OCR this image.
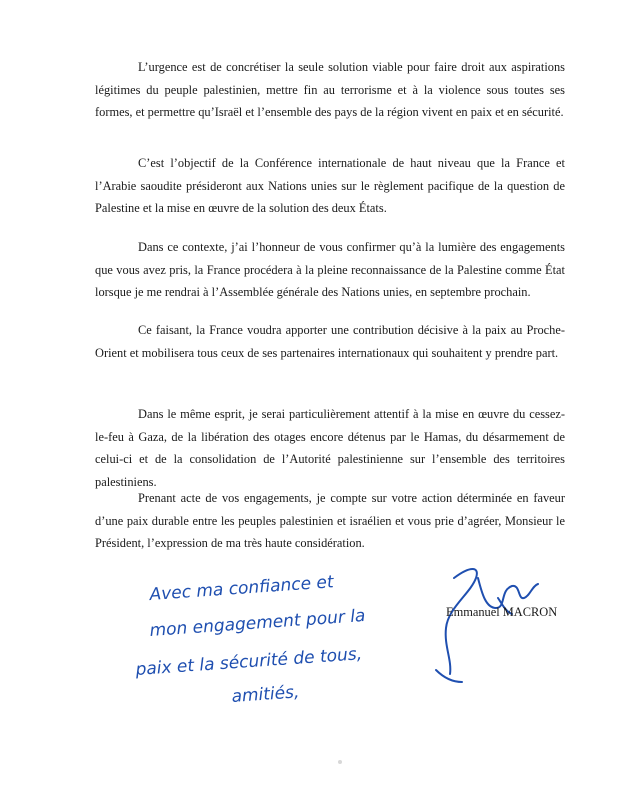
L’urgence est de concrétiser la seule solution viable pour faire droit aux aspirations légitimes du peuple palestinien, mettre fin au terrorisme et à la violence sous toutes ses formes, et permettre qu’Israël et l’ensemble des pays de la région vivent en paix et en sécurité.

C’est l’objectif de la Conférence internationale de haut niveau que la France et l’Arabie saoudite présideront aux Nations unies sur le règlement pacifique de la question de Palestine et la mise en œuvre de la solution des deux États.

Dans ce contexte, j’ai l’honneur de vous confirmer qu’à la lumière des engagements que vous avez pris, la France procédera à la pleine reconnaissance de la Palestine comme État lorsque je me rendrai à l’Assemblée générale des Nations unies, en septembre prochain.

Ce faisant, la France voudra apporter une contribution décisive à la paix au Proche-Orient et mobilisera tous ceux de ses partenaires internationaux qui souhaitent y prendre part.

Dans le même esprit, je serai particulièrement attentif à la mise en œuvre du cessez-le-feu à Gaza, de la libération des otages encore détenus par le Hamas, du désarmement de celui-ci et de la consolidation de l’Autorité palestinienne sur l’ensemble des territoires palestiniens.

Prenant acte de vos engagements, je compte sur votre action déterminée en faveur d’une paix durable entre les peuples palestinien et israélien et vous prie d’agréer, Monsieur le Président, l’expression de ma très haute considération.

Avec ma confiance et
mon engagement pour la
paix et la sécurité de tous,
amitiés,
Emmanuel MACRON
